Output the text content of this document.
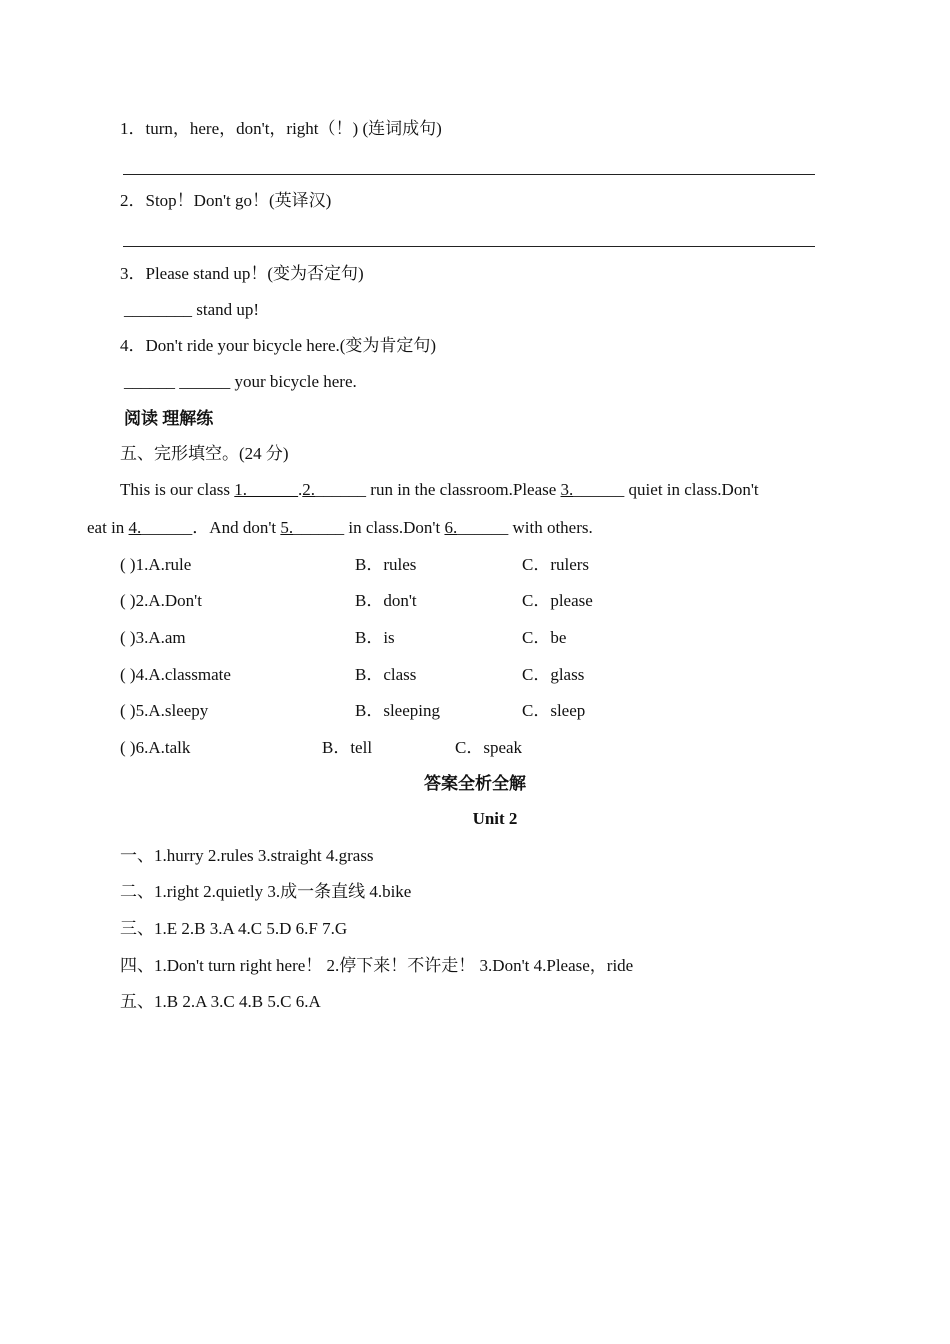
1．turn，here，don't，right（！) (连词成句)
2．Stop！Don't go！(英译汉)
3．Please stand up！(变为否定句)
________ stand up!
4．Don't ride your bicycle here.(变为肯定句)
______ ______ your bicycle here.
阅读 理解练
五、完形填空。(24 分)
This is our class 1.______.2.______ run in the classroom.Please 3.______ quiet in class.Don't
eat in 4.______．And don't 5.______ in class.Don't 6.______ with others.
( )1.A.rule	B．rules	C．rulers
( )2.A.Don't	B．don't	C．please
( )3.A.am	B．is	C．be
( )4.A.classmate	B．class	C．glass
( )5.A.sleepy	B．sleeping	C．sleep
( )6.A.talk	B．tell	C．speak
答案全析全解
Unit 2
一、1.hurry 2.rules 3.straight 4.grass
二、1.right 2.quietly 3.成一条直线 4.bike
三、1.E 2.B 3.A 4.C 5.D 6.F 7.G
四、1.Don't turn right here！ 2.停下来！不许走！ 3.Don't 4.Please，ride
五、1.B 2.A 3.C 4.B 5.C 6.A
